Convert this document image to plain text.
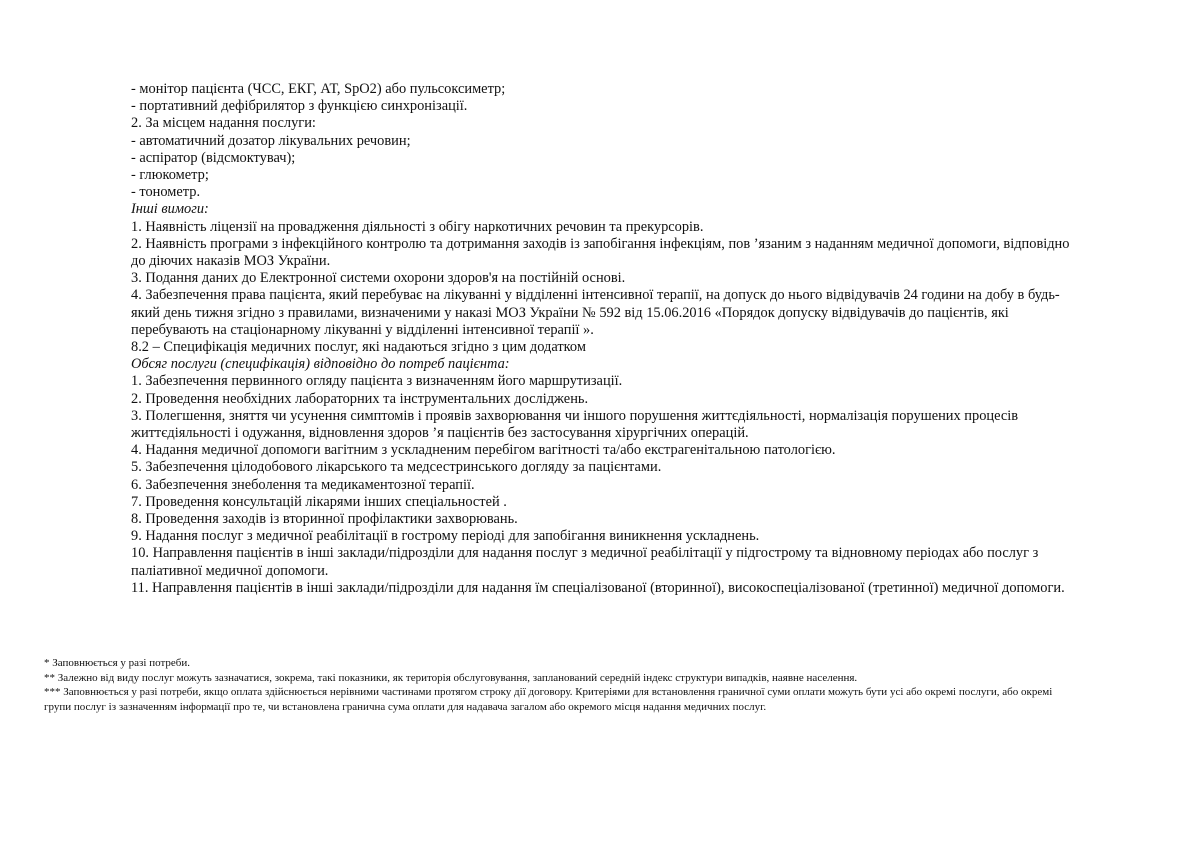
- монітор пацієнта (ЧСС, ЕКГ, АТ, SpO2) або пульсоксиметр;

- портативний дефібрилятор з функцією синхронізації.

2. За місцем надання послуги:

- автоматичний дозатор лікувальних речовин;

- аспіратор (відсмоктувач);

- глюкометр;

- тонометр.

Інші вимоги:

1. Наявність ліцензії на провадження діяльності з обігу наркотичних речовин та прекурсорів.

2. Наявність програми з інфекційного контролю та дотримання заходів із запобігання інфекціям, пов ’язаним з наданням медичної допомоги, відповідно до діючих наказів МОЗ України.

3. Подання даних до Електронної системи охорони здоров'я на постійній основі.

4. Забезпечення права пацієнта, який перебуває на лікуванні у відділенні інтенсивної терапії, на допуск до нього відвідувачів 24 години на добу в будь-який день тижня згідно з правилами, визначеними у наказі МОЗ України № 592 від 15.06.2016 «Порядок допуску відвідувачів до пацієнтів, які перебувають на стаціонарному лікуванні у відділенні інтенсивної терапії ».

8.2 – Специфікація медичних послуг, які надаються згідно з цим додатком

Обсяг послуги (специфікація) відповідно до потреб пацієнта:

1. Забезпечення первинного огляду пацієнта з визначенням його маршрутизації.

2. Проведення необхідних лабораторних та інструментальних досліджень.

3. Полегшення, зняття чи усунення симптомів і проявів захворювання чи іншого порушення життєдіяльності, нормалізація порушених процесів життєдіяльності і одужання, відновлення здоров ’я пацієнтів без застосування хірургічних операцій.

4. Надання медичної допомоги вагітним з ускладненим перебігом вагітності та/або екстрагенітальною патологією.

5. Забезпечення цілодобового лікарського та медсестринського догляду за пацієнтами.

6. Забезпечення знеболення та медикаментозної терапії.

7. Проведення консультацій лікарями інших спеціальностей .

8. Проведення заходів із вторинної профілактики захворювань.

9. Надання послуг з медичної реабілітації в гострому періоді для запобігання виникнення ускладнень.

10. Направлення пацієнтів в інші заклади/підрозділи для надання послуг з медичної реабілітації у підгострому та відновному періодах або послуг з паліативної медичної допомоги.

11. Направлення пацієнтів в інші заклади/підрозділи для надання їм спеціалізованої (вторинної), високоспеціалізованої (третинної) медичної допомоги.

* Заповнюється у разі потреби.

** Залежно від виду послуг можуть зазначатися, зокрема, такі показники, як територія обслуговування, запланований середній індекс структури випадків, наявне населення.

*** Заповнюється у разі потреби, якщо оплата здійснюється нерівними частинами протягом строку дії договору. Критеріями для встановлення граничної суми оплати можуть бути усі або окремі послуги, або окремі групи послуг із зазначенням інформації про те, чи встановлена гранична сума оплати для надавача загалом або окремого місця надання медичних послуг.
